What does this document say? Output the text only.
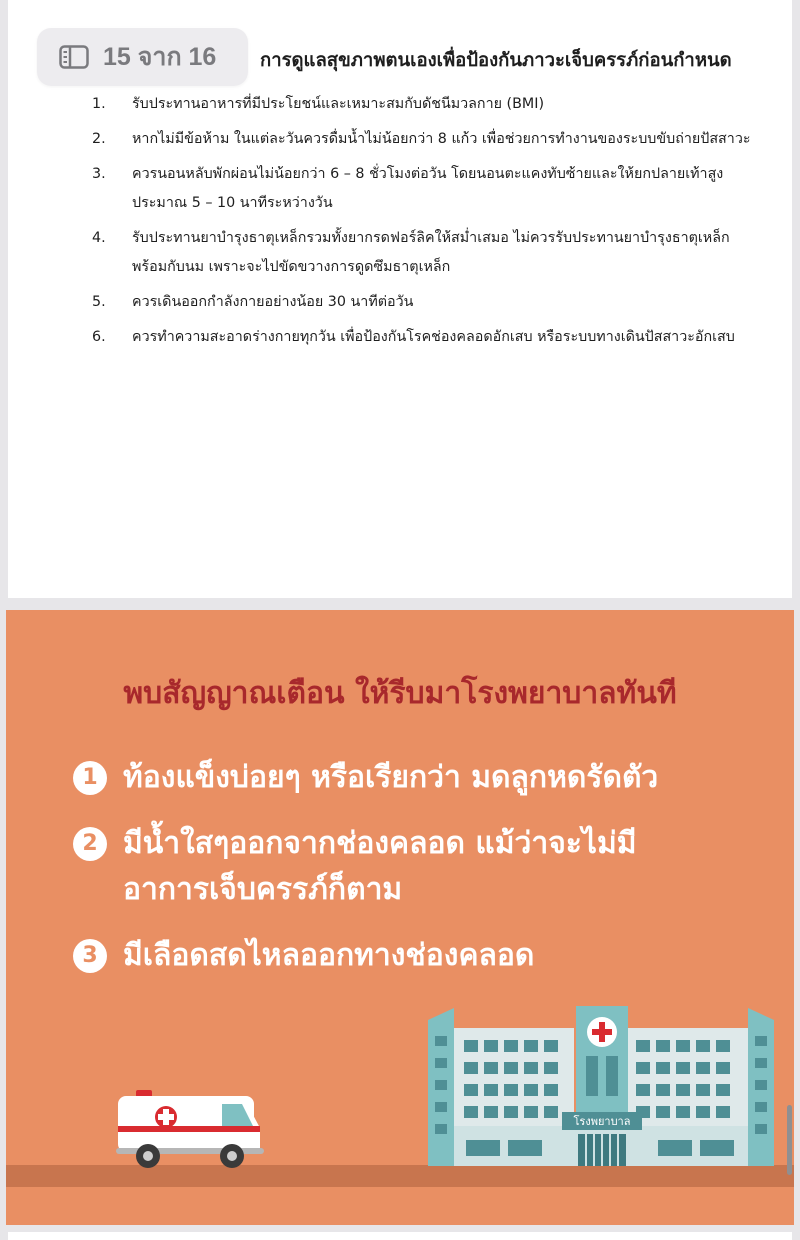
การดูแลสุขภาพตนเองเพื่อป้องกันภาวะเจ็บครรภ์ก่อนกำหนด
1. รับประทานอาหารที่มีประโยชน์และเหมาะสมกับดัชนีมวลกาย (BMI)
2. หากไม่มีข้อห้าม ในแต่ละวันควรดื่มน้ำไม่น้อยกว่า 8 แก้ว เพื่อช่วยการทำงานของระบบขับถ่ายปัสสาวะ
3. ควรนอนหลับพักผ่อนไม่น้อยกว่า 6 – 8 ชั่วโมงต่อวัน โดยนอนตะแคงทับซ้ายและให้ยกปลายเท้าสูงประมาณ 5 – 10 นาทีระหว่างวัน
4. รับประทานยาบำรุงธาตุเหล็กรวมทั้งยากรดฟอร์ลิคให้สม่ำเสมอ ไม่ควรรับประทานยาบำรุงธาตุเหล็กพร้อมกับนม เพราะจะไปขัดขวางการดูดซึมธาตุเหล็ก
5. ควรเดินออกกำลังกายอย่างน้อย 30 นาทีต่อวัน
6. ควรทำความสะอาดร่างกายทุกวัน เพื่อป้องกันโรคช่องคลอดอักเสบ หรือระบบทางเดินปัสสาวะอักเสบ
15 จาก 16
พบสัญญาณเตือน ให้รีบมาโรงพยาบาลทันที
1 ท้องแข็งบ่อยๆ หรือเรียกว่า มดลูกหดรัดตัว
2 มีน้ำใสๆออกจากช่องคลอด แม้ว่าจะไม่มีอาการเจ็บครรภ์ก็ตาม
3 มีเลือดสดไหลออกทางช่องคลอด
โรงพยาบาล
